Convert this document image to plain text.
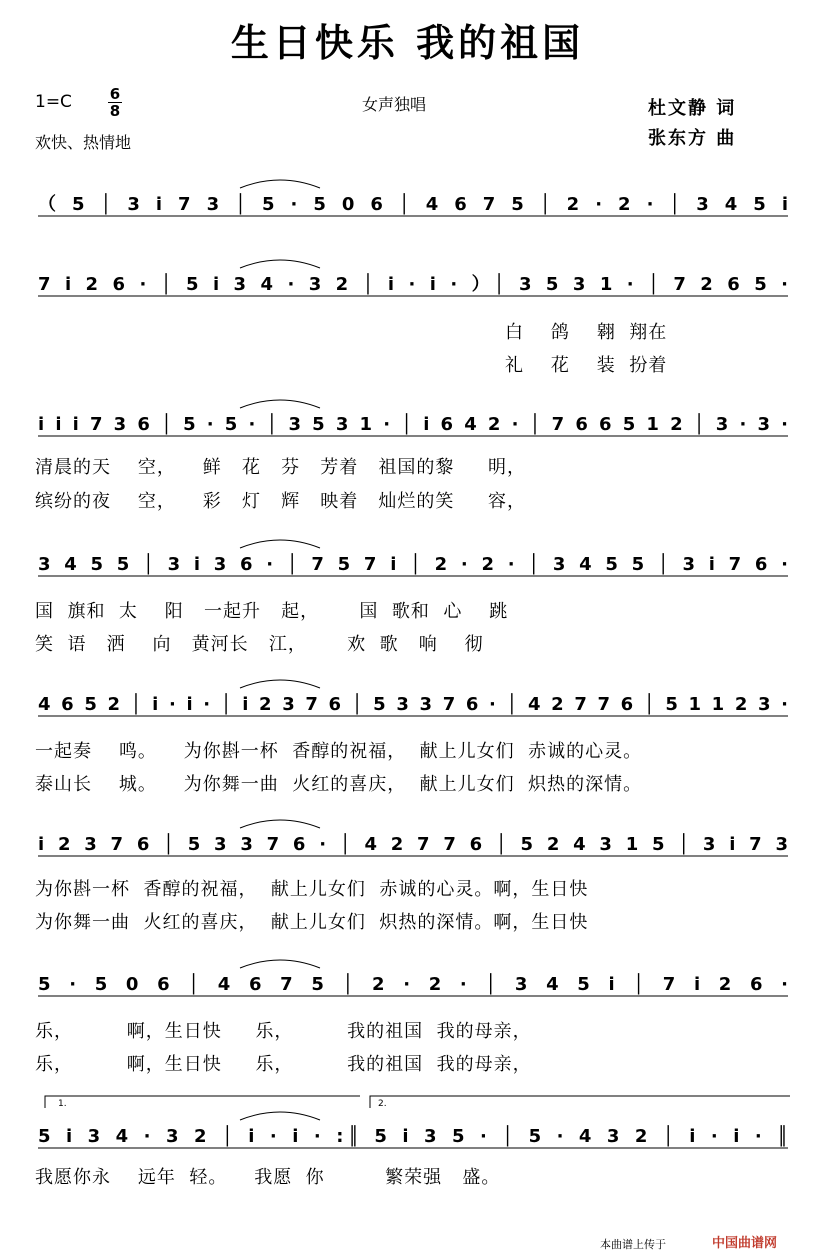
生日快乐 我的祖国
1=C	6
8
欢快、热情地
女声独唱	杜文静 词
张东方 曲
（ 5 │ 3 i 7 3 │ 5 · 5 0 6 │ 4 6 7 5 │ 2 · 2 · │ 3 4 5 i
7 i 2 6 · │ 5 i 3 4 · 3 2 │ i · i · ）│ 3 5 3 1 · │ 7 2 6 5 ·
i i i 7 3 6 │ 5 · 5 · │ 3 5 3 1 · │ i 6 4 2 · │ 7 6 6 5 1 2 │ 3 · 3 ·
3 4 5 5 │ 3 i 3 6 · │ 7 5 7 i │ 2 · 2 · │ 3 4 5 5 │ 3 i 7 6 ·
4 6 5 2 │ i · i · │ i 2 3 7 6 │ 5 3 3 7 6 · │ 4 2 7 7 6 │ 5 1 1 2 3 ·
i 2 3 7 6 │ 5 3 3 7 6 · │ 4 2 7 7 6 │ 5 2 4 3 1 5 │ 3 i 7 3
5 · 5 0 6 │ 4 6 7 5 │ 2 · 2 · │ 3 4 5 i │ 7 i 2 6 ·
5 i 3 4 · 3 2 │ i · i · :║ 5 i 3 5 · │ 5 · 4 3 2 │ i · i · ║
1.	2.
白    鸽    翱  翔在
礼    花    装  扮着
清晨的天    空，    鲜   花   芬   芳着   祖国的黎     明，
缤纷的夜    空，    彩   灯   辉   映着   灿烂的笑     容，
国  旗和  太    阳   一起升   起，      国  歌和  心    跳
笑  语   洒    向   黄河长   江，      欢  歌   响    彻
一起奏    鸣。    为你斟一杯  香醇的祝福，  献上儿女们  赤诚的心灵。
泰山长    城。    为你舞一曲  火红的喜庆，  献上儿女们  炽热的深情。
为你斟一杯  香醇的祝福，  献上儿女们  赤诚的心灵。啊，生日快
为你舞一曲  火红的喜庆，  献上儿女们  炽热的深情。啊，生日快
乐，        啊，生日快     乐，        我的祖国  我的母亲，
乐，        啊，生日快     乐，        我的祖国  我的母亲，
我愿你永    远年  轻。    我愿  你         繁荣强   盛。
本曲谱上传于	中国曲谱网
